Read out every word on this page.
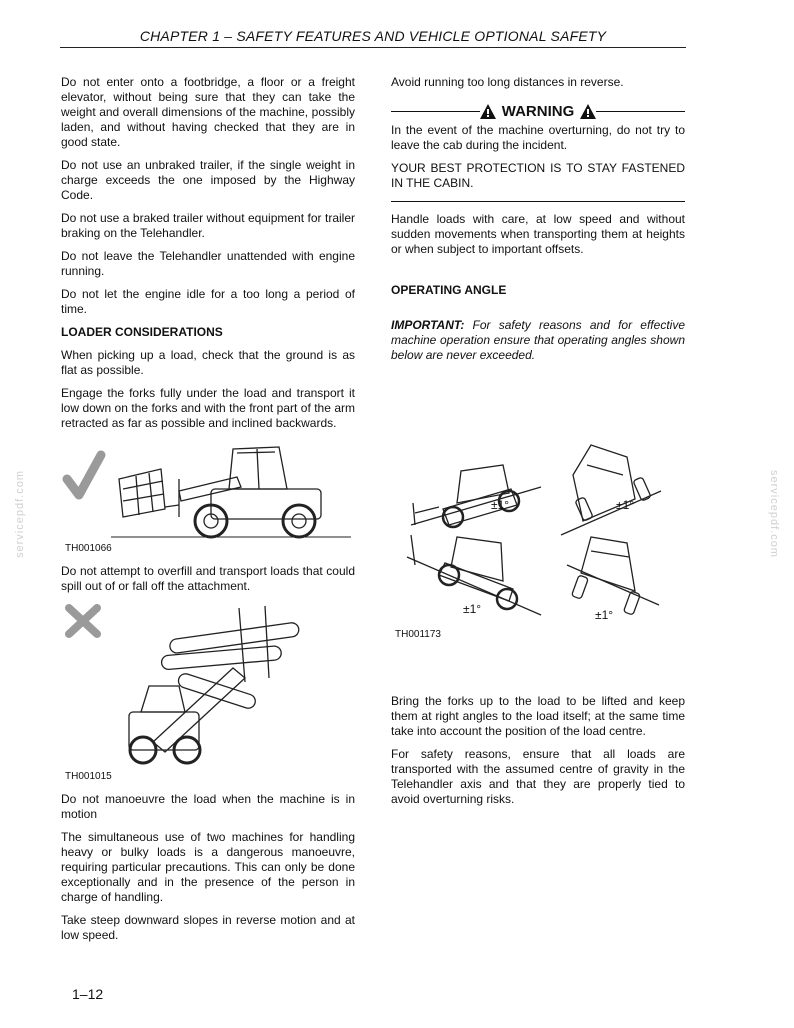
CHAPTER 1 – SAFETY FEATURES AND VEHICLE OPTIONAL SAFETY
servicepdf.com	servicepdf.com

Do not enter onto a footbridge, a floor or a freight elevator, without being sure that they can take the weight and overall dimensions of the machine, possibly laden, and without having checked that they are in good state.

Do not use an unbraked trailer, if the single weight in charge exceeds the one imposed by the Highway Code.

Do not use a braked trailer without equipment for trailer braking on the Telehandler.

Do not leave the Telehandler unattended with engine running.

Do not let the engine idle for a too long a period of time.

LOADER CONSIDERATIONS

When picking up a load, check that the ground is as flat as possible.

Engage the forks fully under the load and transport it low down on the forks and with the front part of the arm retracted as far as possible and inclined backwards.

TH001066

Do not attempt to overfill and transport loads that could spill out of or fall off the attachment.

TH001015

Do not manoeuvre the load when the machine is in motion

The simultaneous use of two machines for handling heavy or bulky loads is a dangerous manoeuvre, requiring particular precautions. This can only be done exceptionally and in the presence of the person in charge of handling.

Take steep downward slopes in reverse motion and at low speed.

Avoid running too long distances in reverse.

WARNING

In the event of the machine overturning, do not try to leave the cab during the incident.

YOUR BEST PROTECTION IS TO STAY FASTENED IN THE CABIN.

Handle loads with care, at low speed and without sudden movements when transporting them at heights or when subject to important offsets.

OPERATING ANGLE

IMPORTANT: For safety reasons and for effective machine operation ensure that operating angles shown below are never exceeded.

±1°	±1°
±1°	±1°
TH001173

Bring the forks up to the load to be lifted and keep them at right angles to the load itself; at the same time take into account the position of the load centre.

For safety reasons, ensure that all loads are transported with the assumed centre of gravity in the Telehandler axis and that they are properly tied to avoid overturning risks.

1–12
